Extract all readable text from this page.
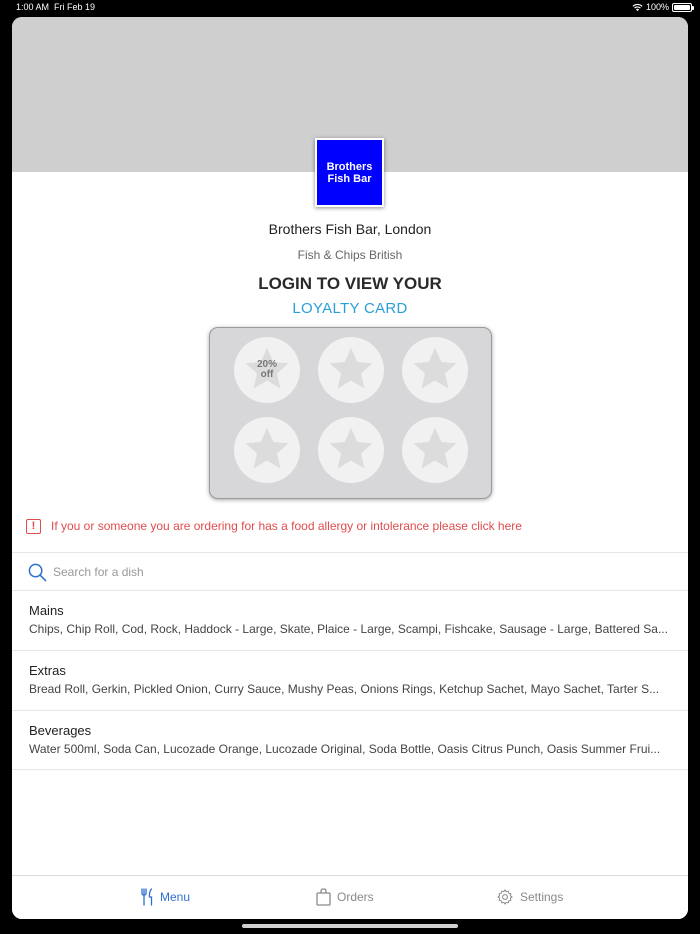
1:00 AM Fri Feb 19	100%
Brothers
Fish Bar
Brothers Fish Bar, London
Fish & Chips British
LOGIN TO VIEW YOUR
LOYALTY CARD
20%
off
!	If you or someone you are ordering for has a food allergy or intolerance please click here
Search for a dish
Mains
Chips, Chip Roll, Cod, Rock, Haddock - Large, Skate, Plaice - Large, Scampi, Fishcake, Sausage - Large, Battered Sa...
Extras
Bread Roll, Gerkin, Pickled Onion, Curry Sauce, Mushy Peas, Onions Rings, Ketchup Sachet, Mayo Sachet, Tarter S...
Beverages
Water 500ml, Soda Can, Lucozade Orange, Lucozade Original, Soda Bottle, Oasis Citrus Punch, Oasis Summer Frui...
Menu	Orders	Settings
